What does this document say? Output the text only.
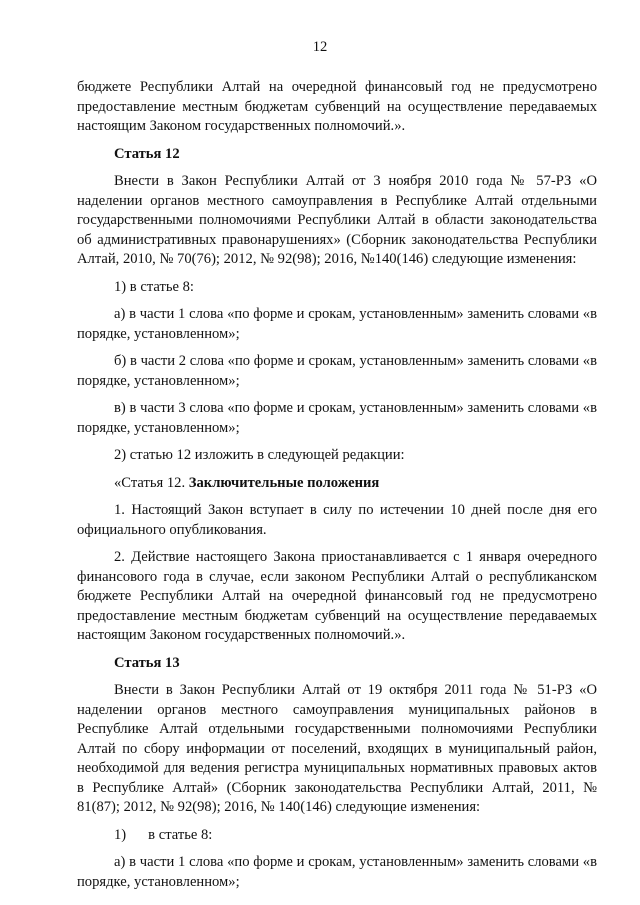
12

бюджете Республики Алтай на очередной финансовый год не предусмотрено предоставление местным бюджетам субвенций на осуществление передаваемых настоящим Законом государственных полномочий.».

Статья 12

Внести в Закон Республики Алтай от 3 ноября 2010 года № 57-РЗ «О наделении органов местного самоуправления в Республике Алтай отдельными государственными полномочиями Республики Алтай в области законодательства об административных правонарушениях» (Сборник законодательства Республики Алтай, 2010, № 70(76); 2012, № 92(98); 2016, №140(146) следующие изменения:

1) в статье 8:

а) в части 1 слова «по форме и срокам, установленным» заменить словами «в порядке, установленном»;

б) в части 2 слова «по форме и срокам, установленным» заменить словами «в порядке, установленном»;

в) в части 3 слова «по форме и срокам, установленным» заменить словами «в порядке, установленном»;

2) статью 12 изложить в следующей редакции:

«Статья 12. Заключительные положения

1. Настоящий Закон вступает в силу по истечении 10 дней после дня его официального опубликования.

2. Действие настоящего Закона приостанавливается с 1 января очередного финансового года в случае, если законом Республики Алтай о республиканском бюджете Республики Алтай на очередной финансовый год не предусмотрено предоставление местным бюджетам субвенций на осуществление передаваемых настоящим Законом государственных полномочий.».

Статья 13

Внести в Закон Республики Алтай от 19 октября 2011 года № 51-РЗ «О наделении органов местного самоуправления муниципальных районов в Республике Алтай отдельными государственными полномочиями Республики Алтай по сбору информации от поселений, входящих в муниципальный район, необходимой для ведения регистра муниципальных нормативных правовых актов в Республике Алтай» (Сборник законодательства Республики Алтай, 2011, № 81(87); 2012, № 92(98); 2016, № 140(146) следующие изменения:

1) в статье 8:

а) в части 1 слова «по форме и срокам, установленным» заменить словами «в порядке, установленном»;
